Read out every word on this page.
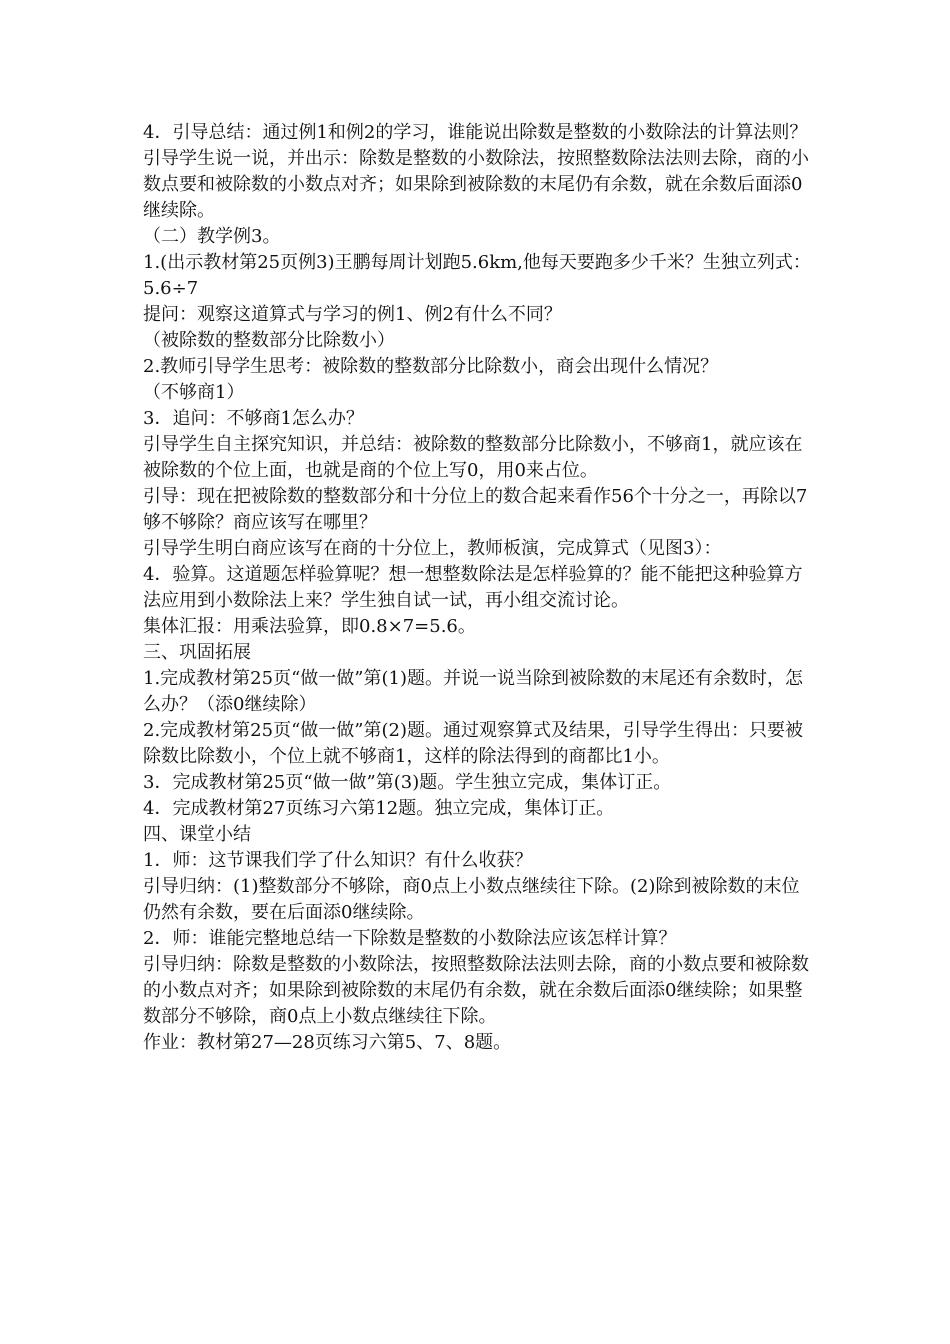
4．引导总结：通过例1和例2的学习，谁能说出除数是整数的小数除法的计算法则？

引导学生说一说，并出示：除数是整数的小数除法，按照整数除法法则去除，商的小数点要和被除数的小数点对齐；如果除到被除数的末尾仍有余数，就在余数后面添0继续除。

（二）教学例3。

1.(出示教材第25页例3)王鹏每周计划跑5.6km,他每天要跑多少千米？生独立列式：5.6÷7

提问：观察这道算式与学习的例1、例2有什么不同？

（被除数的整数部分比除数小）

2.教师引导学生思考：被除数的整数部分比除数小，商会出现什么情况？

（不够商1）

3．追问：不够商1怎么办？

引导学生自主探究知识，并总结：被除数的整数部分比除数小，不够商1，就应该在被除数的个位上面，也就是商的个位上写0，用0来占位。

引导：现在把被除数的整数部分和十分位上的数合起来看作56个十分之一，再除以7够不够除？商应该写在哪里？

引导学生明白商应该写在商的十分位上，教师板演，完成算式（见图3）：

4．验算。这道题怎样验算呢？想一想整数除法是怎样验算的？能不能把这种验算方法应用到小数除法上来？学生独自试一试，再小组交流讨论。

集体汇报：用乘法验算，即0.8×7=5.6。

三、巩固拓展

1.完成教材第25页“做一做”第(1)题。并说一说当除到被除数的末尾还有余数时，怎么办？（添0继续除）

2.完成教材第25页“做一做”第(2)题。通过观察算式及结果，引导学生得出：只要被除数比除数小，个位上就不够商1，这样的除法得到的商都比1小。

3．完成教材第25页“做一做”第(3)题。学生独立完成，集体订正。

4．完成教材第27页练习六第12题。独立完成，集体订正。

四、课堂小结

1．师：这节课我们学了什么知识？有什么收获？

引导归纳：(1)整数部分不够除，商0点上小数点继续往下除。(2)除到被除数的末位仍然有余数，要在后面添0继续除。

2．师：谁能完整地总结一下除数是整数的小数除法应该怎样计算？

引导归纳：除数是整数的小数除法，按照整数除法法则去除，商的小数点要和被除数的小数点对齐；如果除到被除数的末尾仍有余数，就在余数后面添0继续除；如果整数部分不够除，商0点上小数点继续往下除。

作业：教材第27—28页练习六第5、7、8题。
